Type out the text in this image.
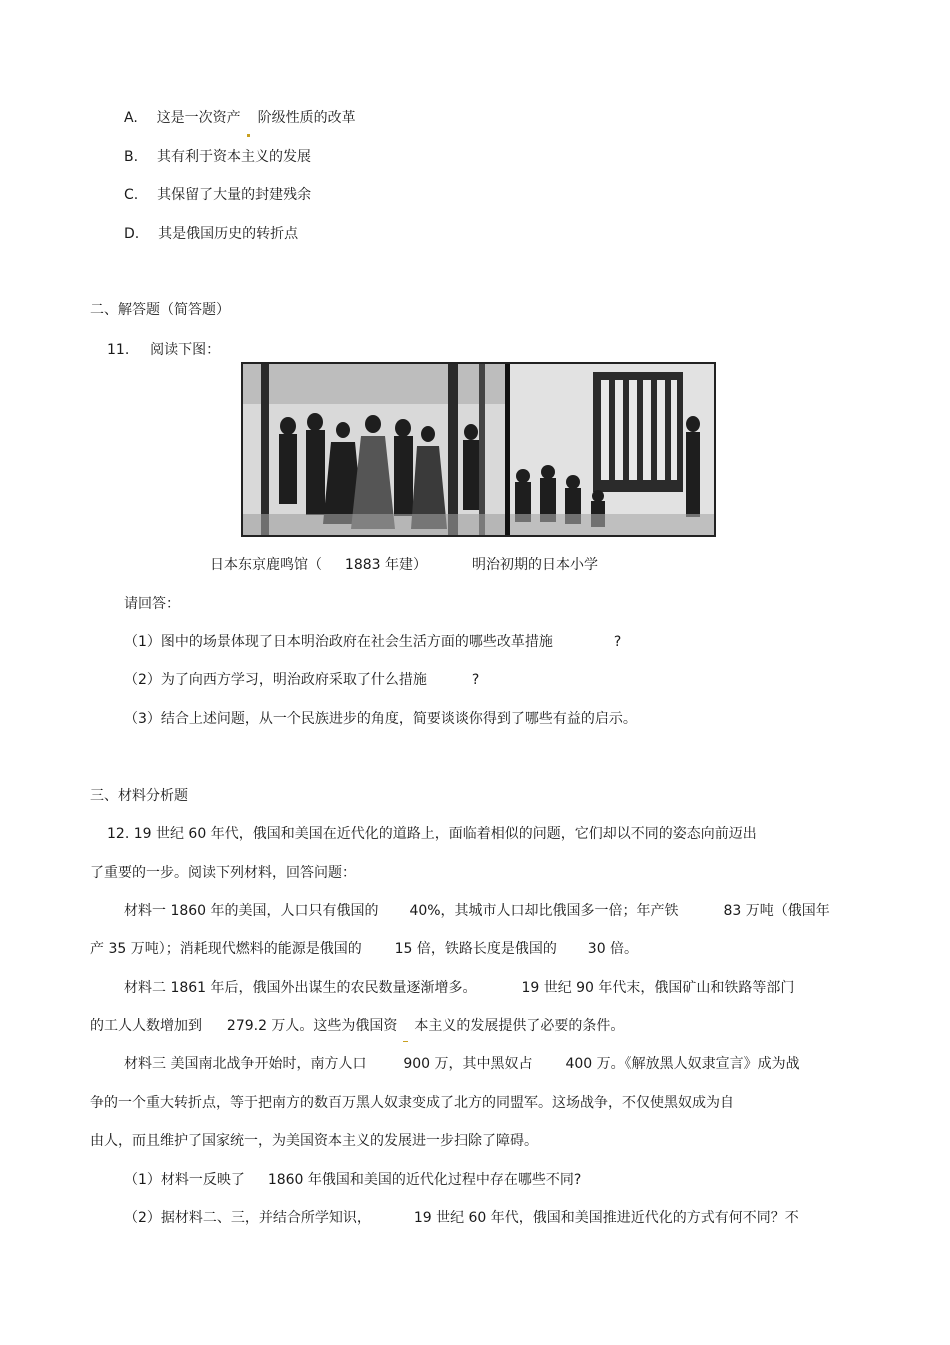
A. 这是一次资产 阶级性质的改革
B. 其有利于资本主义的发展
C. 其保留了大量的封建残余
D. 其是俄国历史的转折点
二、解答题（简答题）
11. 阅读下图：
日本东京鹿鸣馆（ 1883 年建）	明治初期的日本小学
请回答：
（1）图中的场景体现了日本明治政府在社会生活方面的哪些改革措施	?
（2）为了向西方学习，明治政府采取了什么措施	?
（3）结合上述问题，从一个民族进步的角度，简要谈谈你得到了哪些有益的启示。
三、材料分析题
12. 19 世纪 60 年代，俄国和美国在近代化的道路上，面临着相似的问题，它们却以不同的姿态向前迈出
了重要的一步。阅读下列材料，回答问题：
材料一 1860 年的美国，人口只有俄国的 40%，其城市人口却比俄国多一倍；年产铁	83 万吨（俄国年
产 35 万吨）；消耗现代燃料的能源是俄国的 15 倍，铁路长度是俄国的 30 倍。
材料二 1861 年后，俄国外出谋生的农民数量逐渐增多。	19 世纪 90 年代末，俄国矿山和铁路等部门
的工人人数增加到 279.2 万人。这些为俄国资 本主义的发展提供了必要的条件。
材料三 美国南北战争开始时，南方人口	900 万，其中黑奴占 400 万。《解放黑人奴隶宣言》成为战
争的一个重大转折点，等于把南方的数百万黑人奴隶变成了北方的同盟军。这场战争，不仅使黑奴成为自
由人，而且维护了国家统一，为美国资本主义的发展进一步扫除了障碍。
（1）材料一反映了 1860 年俄国和美国的近代化过程中存在哪些不同?
（2）据材料二、三，并结合所学知识，	19 世纪 60 年代，俄国和美国推进近代化的方式有何不同？不
